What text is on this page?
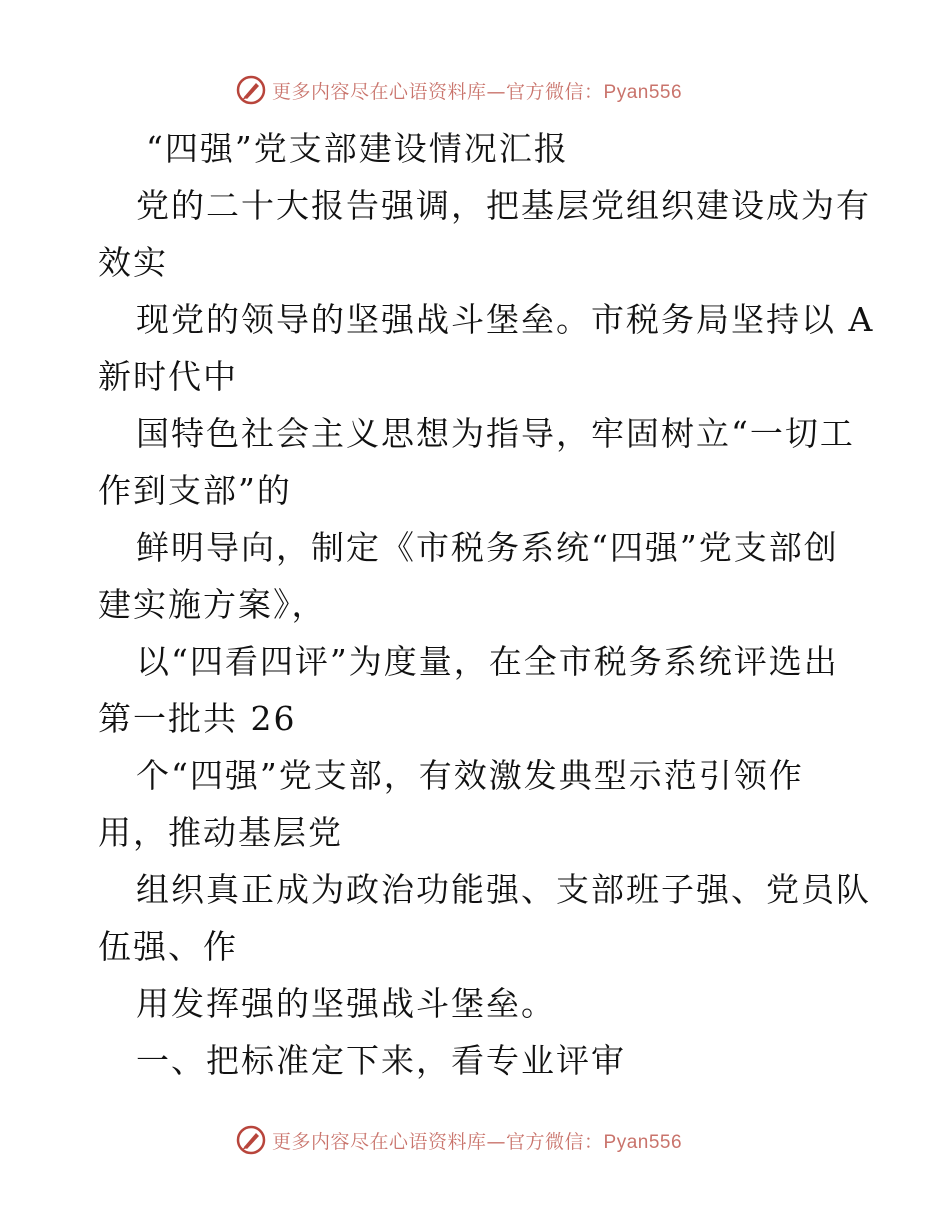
更多内容尽在心语资料库—官方微信：Pyan556
“四强”党支部建设情况汇报
党的二十大报告强调，把基层党组织建设成为有
效实
现党的领导的坚强战斗堡垒。市税务局坚持以 A
新时代中
国特色社会主义思想为指导，牢固树立“一切工
作到支部”的
鲜明导向，制定《市税务系统“四强”党支部创
建实施方案》，
以“四看四评”为度量，在全市税务系统评选出
第一批共 26
个“四强”党支部，有效激发典型示范引领作
用，推动基层党
组织真正成为政治功能强、支部班子强、党员队
伍强、作
用发挥强的坚强战斗堡垒。
一、把标准定下来，看专业评审
更多内容尽在心语资料库—官方微信：Pyan556
